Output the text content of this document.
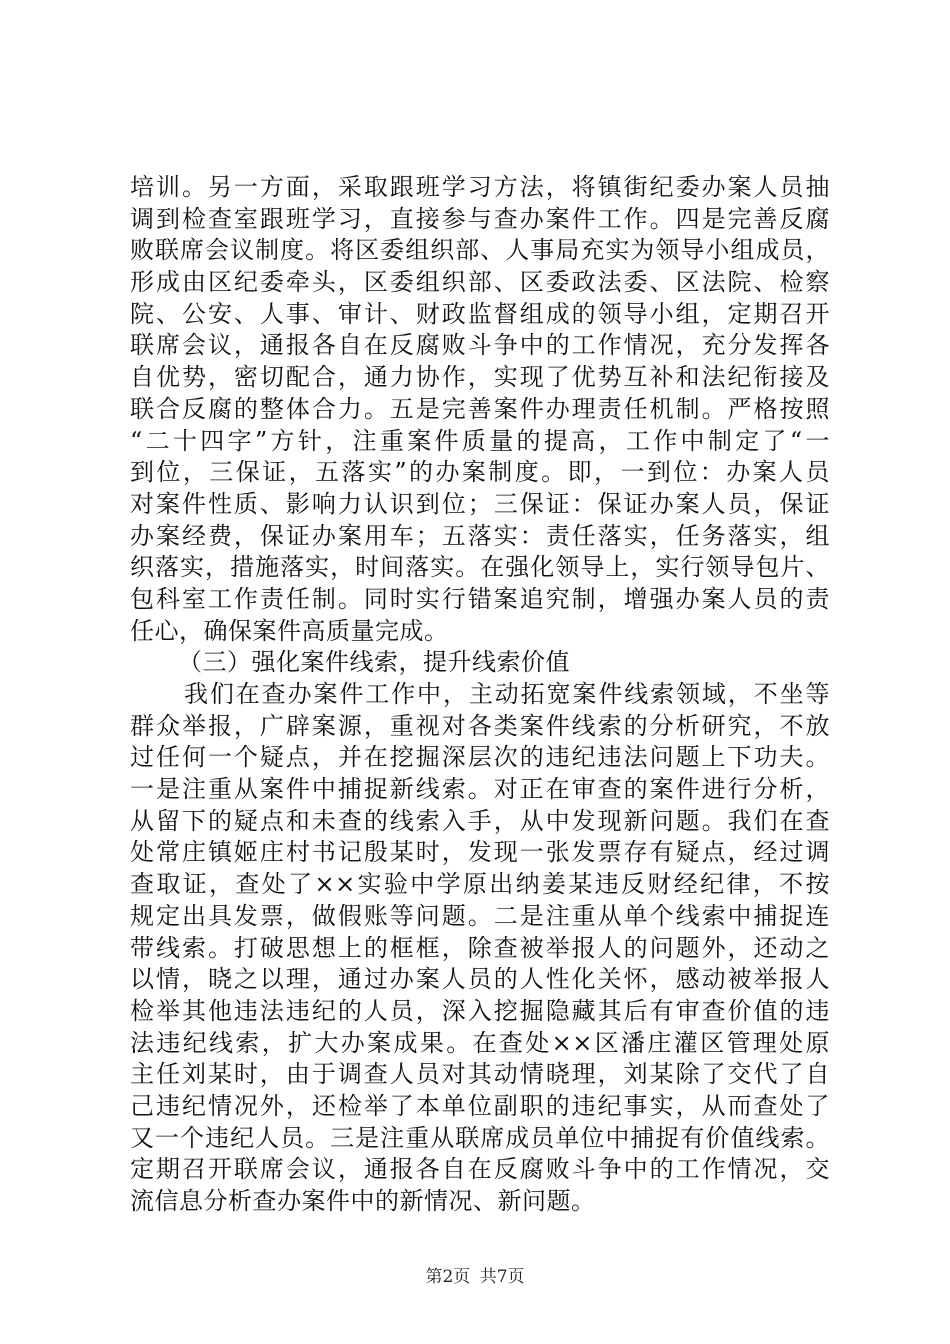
培训。另一方面，采取跟班学习方法，将镇街纪委办案人员抽
调到检查室跟班学习，直接参与查办案件工作。四是完善反腐
败联席会议制度。将区委组织部、人事局充实为领导小组成员，
形成由区纪委牵头，区委组织部、区委政法委、区法院、检察
院、公安、人事、审计、财政监督组成的领导小组，定期召开
联席会议，通报各自在反腐败斗争中的工作情况，充分发挥各
自优势，密切配合，通力协作，实现了优势互补和法纪衔接及
联合反腐的整体合力。五是完善案件办理责任机制。严格按照
“二十四字”方针，注重案件质量的提高，工作中制定了“一
到位，三保证，五落实”的办案制度。即，一到位：办案人员
对案件性质、影响力认识到位；三保证：保证办案人员，保证
办案经费，保证办案用车；五落实：责任落实，任务落实，组
织落实，措施落实，时间落实。在强化领导上，实行领导包片、
包科室工作责任制。同时实行错案追究制，增强办案人员的责
任心，确保案件高质量完成。
（三）强化案件线索，提升线索价值
我们在查办案件工作中，主动拓宽案件线索领域，不坐等
群众举报，广辟案源，重视对各类案件线索的分析研究，不放
过任何一个疑点，并在挖掘深层次的违纪违法问题上下功夫。
一是注重从案件中捕捉新线索。对正在审查的案件进行分析，
从留下的疑点和未查的线索入手，从中发现新问题。我们在查
处常庄镇姬庄村书记殷某时，发现一张发票存有疑点，经过调
查取证，查处了××实验中学原出纳姜某违反财经纪律，不按
规定出具发票，做假账等问题。二是注重从单个线索中捕捉连
带线索。打破思想上的框框，除查被举报人的问题外，还动之
以情，晓之以理，通过办案人员的人性化关怀，感动被举报人
检举其他违法违纪的人员，深入挖掘隐藏其后有审查价值的违
法违纪线索，扩大办案成果。在查处××区潘庄灌区管理处原
主任刘某时，由于调查人员对其动情晓理，刘某除了交代了自
己违纪情况外，还检举了本单位副职的违纪事实，从而查处了
又一个违纪人员。三是注重从联席成员单位中捕捉有价值线索。
定期召开联席会议，通报各自在反腐败斗争中的工作情况，交
流信息分析查办案件中的新情况、新问题。
第2页 共7页
